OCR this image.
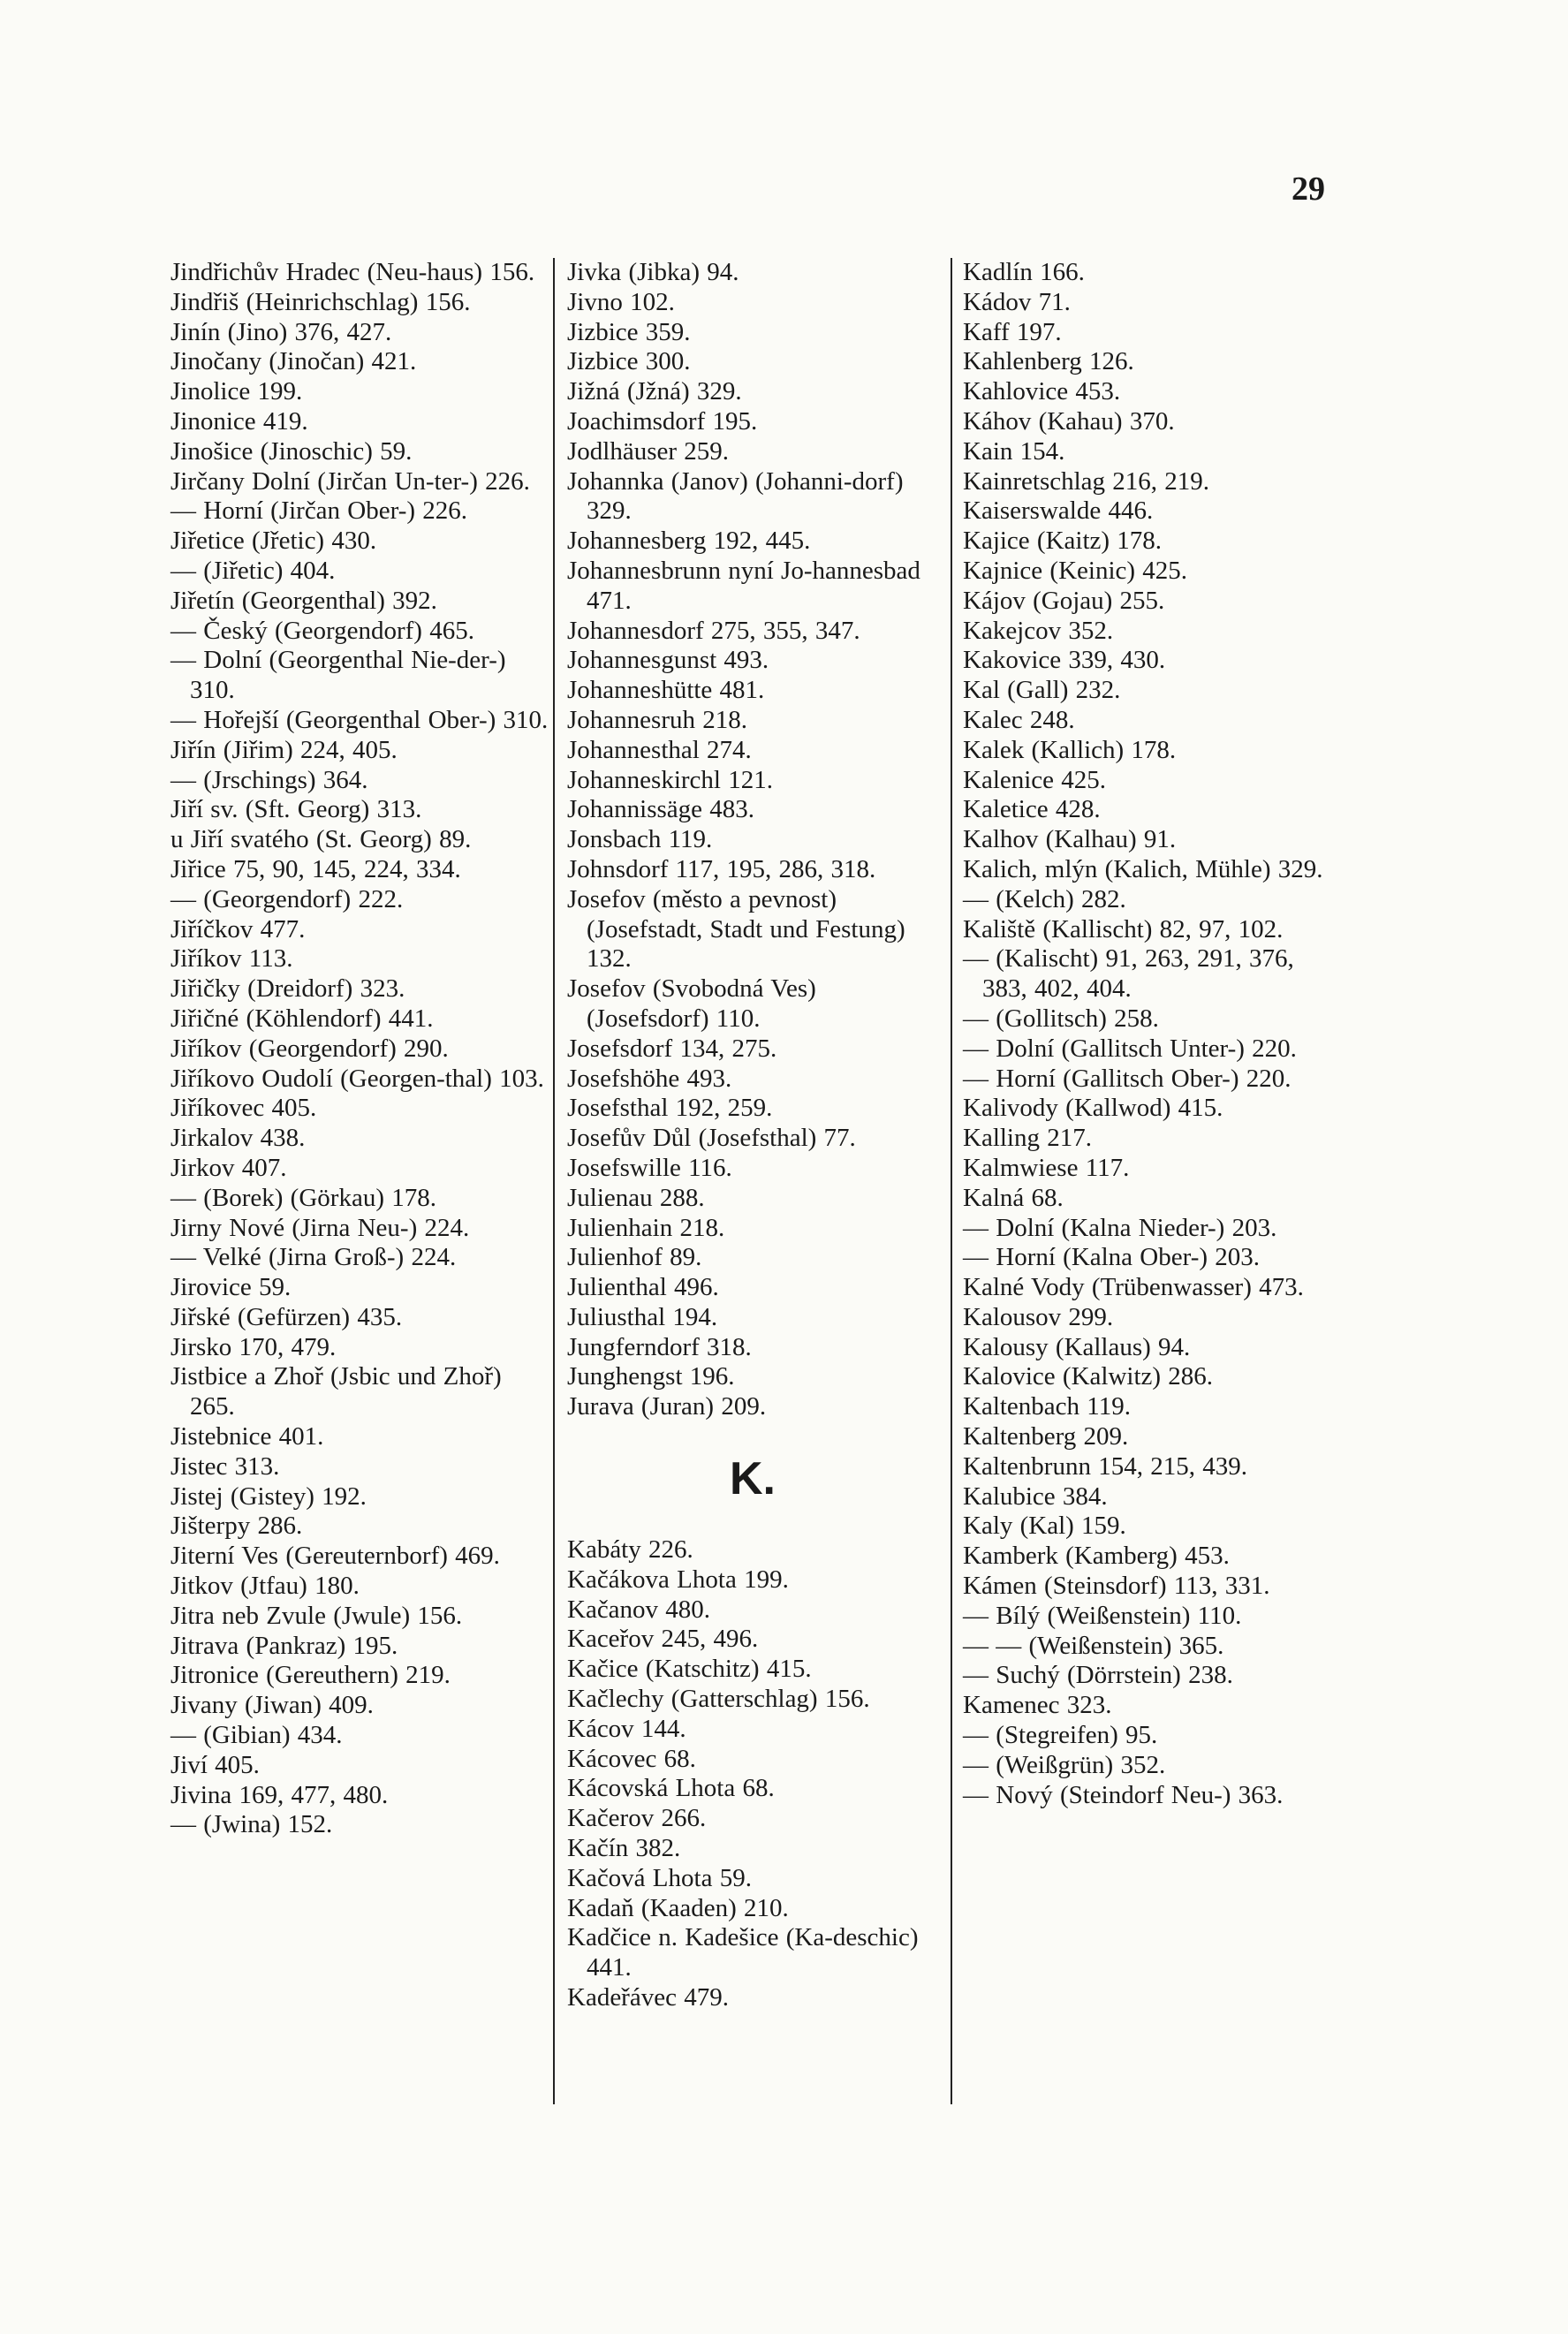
29
Jindřichův Hradec (Neu-haus) 156.
Jindřiš (Heinrichschlag) 156.
Jinín (Jino) 376, 427.
Jinočany (Jinočan) 421.
Jinolice 199.
Jinonice 419.
Jinošice (Jinoschic) 59.
Jirčany Dolní (Jirčan Un-ter-) 226.
— Horní (Jirčan Ober-) 226.
Jiřetice (Jřetic) 430.
— (Jiřetic) 404.
Jiřetín (Georgenthal) 392.
— Český (Georgendorf) 465.
— Dolní (Georgenthal Nie-der-) 310.
— Hořejší (Georgenthal Ober-) 310.
Jiřín (Jiřim) 224, 405.
— (Jrschings) 364.
Jiří sv. (Sft. Georg) 313.
u Jiří svatého (St. Georg) 89.
Jiřice 75, 90, 145, 224, 334.
— (Georgendorf) 222.
Jiříčkov 477.
Jiříkov 113.
Jiřičky (Dreidorf) 323.
Jiřičné (Köhlendorf) 441.
Jiříkov (Georgendorf) 290.
Jiříkovo Oudolí (Georgen-thal) 103.
Jiříkovec 405.
Jirkalov 438.
Jirkov 407.
— (Borek) (Görkau) 178.
Jirny Nové (Jirna Neu-) 224.
— Velké (Jirna Groß-) 224.
Jirovice 59.
Jiřské (Gefürzen) 435.
Jirsko 170, 479.
Jistbice a Zhoř (Jsbic und Zhoř) 265.
Jistebnice 401.
Jistec 313.
Jistej (Gistey) 192.
Jišterpy 286.
Jiterní Ves (Gereuternborf) 469.
Jitkov (Jtfau) 180.
Jitra neb Zvule (Jwule) 156.
Jitrava (Pankraz) 195.
Jitronice (Gereuthern) 219.
Jivany (Jiwan) 409.
— (Gibian) 434.
Jiví 405.
Jivina 169, 477, 480.
— (Jwina) 152.
Jivka (Jibka) 94.
Jivno 102.
Jizbice 359.
Jizbice 300.
Jižná (Jžná) 329.
Joachimsdorf 195.
Jodlhäuser 259.
Johannka (Janov) (Johanni-dorf) 329.
Johannesberg 192, 445.
Johannesbrunn nyní Jo-hannesbad 471.
Johannesdorf 275, 355, 347.
Johannesgunst 493.
Johanneshütte 481.
Johannesruh 218.
Johannesthal 274.
Johanneskirchl 121.
Johannissäge 483.
Jonsbach 119.
Johnsdorf 117, 195, 286, 318.
Josefov (město a pevnost) (Josefstadt, Stadt und Festung) 132.
Josefov (Svobodná Ves) (Josefsdorf) 110.
Josefsdorf 134, 275.
Josefshöhe 493.
Josefsthal 192, 259.
Josefův Důl (Josefsthal) 77.
Josefswille 116.
Julienau 288.
Julienhain 218.
Julienhof 89.
Julienthal 496.
Juliusthal 194.
Jungferndorf 318.
Junghengst 196.
Jurava (Juran) 209.
K.
Kabáty 226.
Kačákova Lhota 199.
Kačanov 480.
Kaceřov 245, 496.
Kačice (Katschitz) 415.
Kačlechy (Gatterschlag) 156.
Kácov 144.
Kácovec 68.
Kácovská Lhota 68.
Kačerov 266.
Kačín 382.
Kačová Lhota 59.
Kadaň (Kaaden) 210.
Kadčice n. Kadešice (Ka-deschic) 441.
Kadeřávec 479.
Kadlín 166.
Kádov 71.
Kaff 197.
Kahlenberg 126.
Kahlovice 453.
Káhov (Kahau) 370.
Kain 154.
Kainretschlag 216, 219.
Kaiserswalde 446.
Kajice (Kaitz) 178.
Kajnice (Keinic) 425.
Kájov (Gojau) 255.
Kakejcov 352.
Kakovice 339, 430.
Kal (Gall) 232.
Kalec 248.
Kalek (Kallich) 178.
Kalenice 425.
Kaletice 428.
Kalhov (Kalhau) 91.
Kalich, mlýn (Kalich, Mühle) 329.
— (Kelch) 282.
Kaliště (Kallischt) 82, 97, 102.
— (Kalischt) 91, 263, 291, 376, 383, 402, 404.
— (Gollitsch) 258.
— Dolní (Gallitsch Unter-) 220.
— Horní (Gallitsch Ober-) 220.
Kalivody (Kallwod) 415.
Kalling 217.
Kalmwiese 117.
Kalná 68.
— Dolní (Kalna Nieder-) 203.
— Horní (Kalna Ober-) 203.
Kalné Vody (Trübenwasser) 473.
Kalousov 299.
Kalousy (Kallaus) 94.
Kalovice (Kalwitz) 286.
Kaltenbach 119.
Kaltenberg 209.
Kaltenbrunn 154, 215, 439.
Kalubice 384.
Kaly (Kal) 159.
Kamberk (Kamberg) 453.
Kámen (Steinsdorf) 113, 331.
— Bílý (Weißenstein) 110.
— — (Weißenstein) 365.
— Suchý (Dörrstein) 238.
Kamenec 323.
— (Stegreifen) 95.
— (Weißgrün) 352.
— Nový (Steindorf Neu-) 363.
